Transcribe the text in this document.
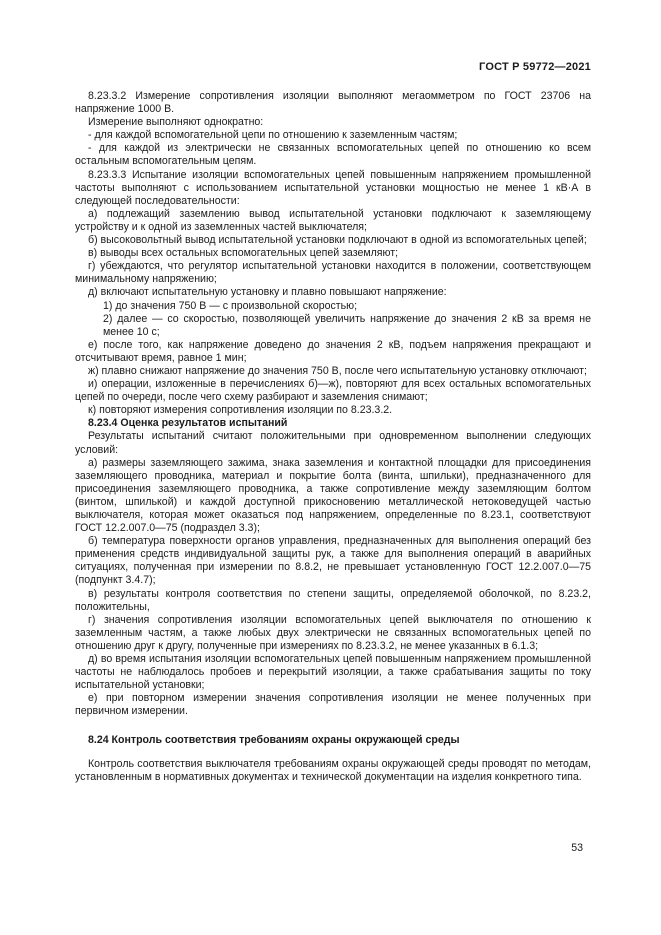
ГОСТ Р 59772—2021

8.23.3.2 Измерение сопротивления изоляции выполняют мегаомметром по ГОСТ 23706 на напряжение 1000 В.

Измерение выполняют однократно:

- для каждой вспомогательной цепи по отношению к заземленным частям;

- для каждой из электрически не связанных вспомогательных цепей по отношению ко всем остальным вспомогательным цепям.

8.23.3.3 Испытание изоляции вспомогательных цепей повышенным напряжением промышленной частоты выполняют с использованием испытательной установки мощностью не менее 1 кВ·А в следующей последовательности:

а) подлежащий заземлению вывод испытательной установки подключают к заземляющему устройству и к одной из заземленных частей выключателя;

б) высоковольтный вывод испытательной установки подключают в одной из вспомогательных цепей;

в) выводы всех остальных вспомогательных цепей заземляют;

г) убеждаются, что регулятор испытательной установки находится в положении, соответствующем минимальному напряжению;

д) включают испытательную установку и плавно повышают напряжение:

1) до значения 750 В — с произвольной скоростью;

2) далее — со скоростью, позволяющей увеличить напряжение до значения 2 кВ за время не менее 10 с;

е) после того, как напряжение доведено до значения 2 кВ, подъем напряжения прекращают и отсчитывают время, равное 1 мин;

ж) плавно снижают напряжение до значения 750 В, после чего испытательную установку отключают;

и) операции, изложенные в перечислениях б)—ж), повторяют для всех остальных вспомогательных цепей по очереди, после чего схему разбирают и заземления снимают;

к) повторяют измерения сопротивления изоляции по 8.23.3.2.

8.23.4 Оценка результатов испытаний

Результаты испытаний считают положительными при одновременном выполнении следующих условий:

а) размеры заземляющего зажима, знака заземления и контактной площадки для присоединения заземляющего проводника, материал и покрытие болта (винта, шпильки), предназначенного для присоединения заземляющего проводника, а также сопротивление между заземляющим болтом (винтом, шпилькой) и каждой доступной прикосновению металлической нетоковедущей частью выключателя, которая может оказаться под напряжением, определенные по 8.23.1, соответствуют ГОСТ 12.2.007.0—75 (подраздел 3.3);

б) температура поверхности органов управления, предназначенных для выполнения операций без применения средств индивидуальной защиты рук, а также для выполнения операций в аварийных ситуациях, полученная при измерении по 8.8.2, не превышает установленную ГОСТ 12.2.007.0—75 (подпункт 3.4.7);

в) результаты контроля соответствия по степени защиты, определяемой оболочкой, по 8.23.2, положительны,

г) значения сопротивления изоляции вспомогательных цепей выключателя по отношению к заземленным частям, а также любых двух электрически не связанных вспомогательных цепей по отношению друг к другу, полученные при измерениях по 8.23.3.2, не менее указанных в 6.1.3;

д) во время испытания изоляции вспомогательных цепей повышенным напряжением промышленной частоты не наблюдалось пробоев и перекрытий изоляции, а также срабатывания защиты по току испытательной установки;

е) при повторном измерении значения сопротивления изоляции не менее полученных при первичном измерении.

8.24 Контроль соответствия требованиям охраны окружающей среды

Контроль соответствия выключателя требованиям охраны окружающей среды проводят по методам, установленным в нормативных документах и технической документации на изделия конкретного типа.

53
